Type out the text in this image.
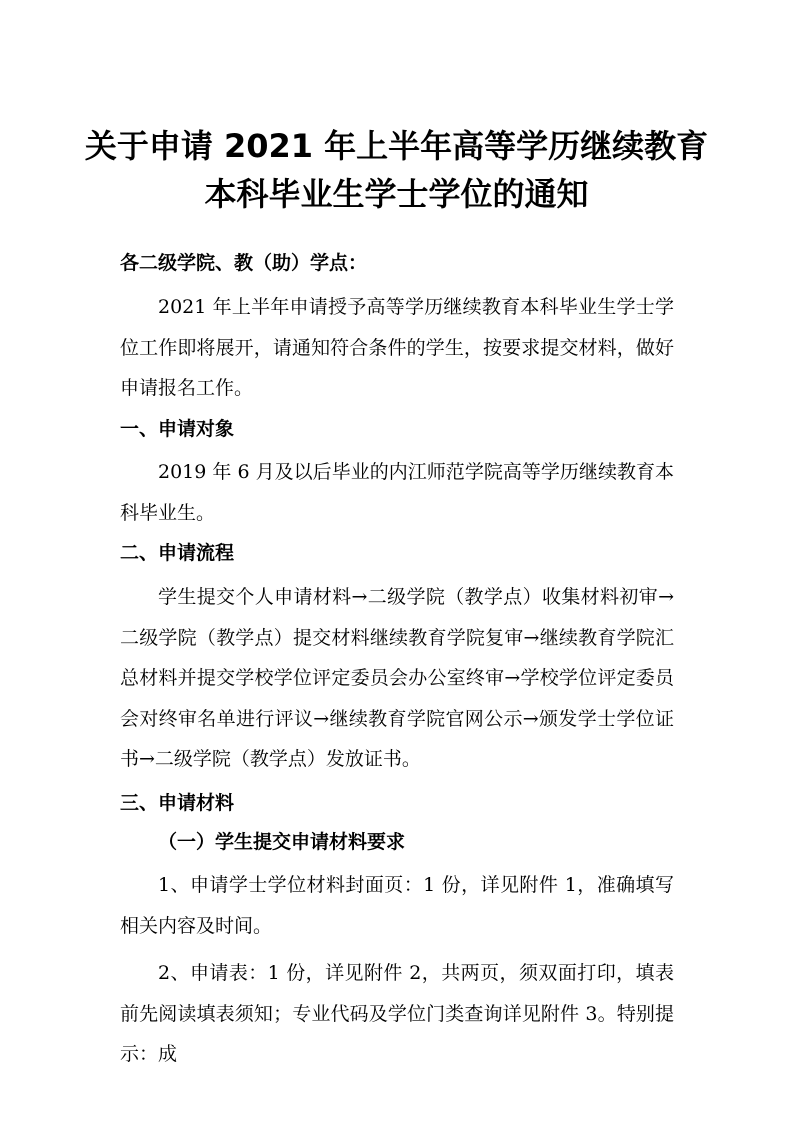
关于申请 2021 年上半年高等学历继续教育
本科毕业生学士学位的通知
各二级学院、教（助）学点：
2021 年上半年申请授予高等学历继续教育本科毕业生学士学位工作即将展开，请通知符合条件的学生，按要求提交材料，做好申请报名工作。
一、申请对象
2019 年 6 月及以后毕业的内江师范学院高等学历继续教育本科毕业生。
二、申请流程
学生提交个人申请材料→二级学院（教学点）收集材料初审→二级学院（教学点）提交材料继续教育学院复审→继续教育学院汇总材料并提交学校学位评定委员会办公室终审→学校学位评定委员会对终审名单进行评议→继续教育学院官网公示→颁发学士学位证书→二级学院（教学点）发放证书。
三、申请材料
（一）学生提交申请材料要求
1、申请学士学位材料封面页：1 份，详见附件 1，准确填写相关内容及时间。
2、申请表：1 份，详见附件 2，共两页，须双面打印，填表前先阅读填表须知；专业代码及学位门类查询详见附件 3。特别提示：成
